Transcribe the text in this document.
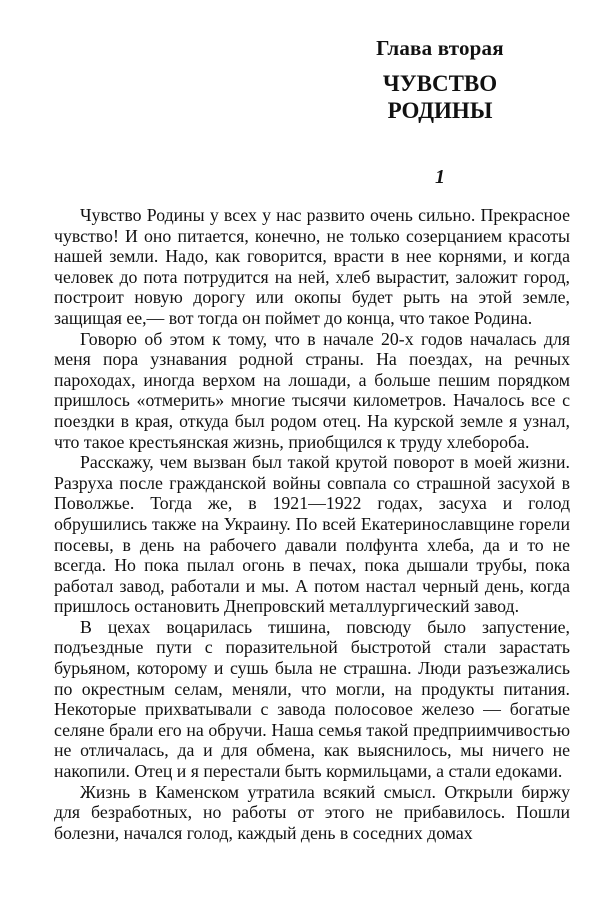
Глава вторая
ЧУВСТВО
РОДИНЫ
1

Чувство Родины у всех у нас развито очень сильно. Прекрасное чувство! И оно питается, конечно, не только созерцанием красоты нашей земли. Надо, как говорится, врасти в нее корнями, и когда человек до пота потрудится на ней, хлеб вырастит, заложит город, построит новую дорогу или окопы будет рыть на этой земле, защищая ее,— вот тогда он поймет до конца, что такое Родина.

Говорю об этом к тому, что в начале 20-х годов началась для меня пора узнавания родной страны. На поездах, на речных пароходах, иногда верхом на лошади, а больше пешим порядком пришлось «отмерить» многие тысячи километров. Началось все с поездки в края, откуда был родом отец. На курской земле я узнал, что такое крестьянская жизнь, приобщился к труду хлебороба.

Расскажу, чем вызван был такой крутой поворот в моей жизни. Разруха после гражданской войны совпала со страшной засухой в Поволжье. Тогда же, в 1921—1922 годах, засуха и голод обрушились также на Украину. По всей Екатеринославщине горели посевы, в день на рабочего давали полфунта хлеба, да и то не всегда. Но пока пылал огонь в печах, пока дышали трубы, пока работал завод, работали и мы. А потом настал черный день, когда пришлось остановить Днепровский металлургический завод.

В цехах воцарилась тишина, повсюду было запустение, подъездные пути с поразительной быстротой стали зарастать бурьяном, которому и сушь была не страшна. Люди разъезжались по окрестным селам, меняли, что могли, на продукты питания. Некоторые прихватывали с завода полосовое железо — богатые селяне брали его на обручи. Наша семья такой предприимчивостью не отличалась, да и для обмена, как выяснилось, мы ничего не накопили. Отец и я перестали быть кормильцами, а стали едоками.

Жизнь в Каменском утратила всякий смысл. Открыли биржу для безработных, но работы от этого не прибавилось. Пошли болезни, начался голод, каждый день в соседних домах
